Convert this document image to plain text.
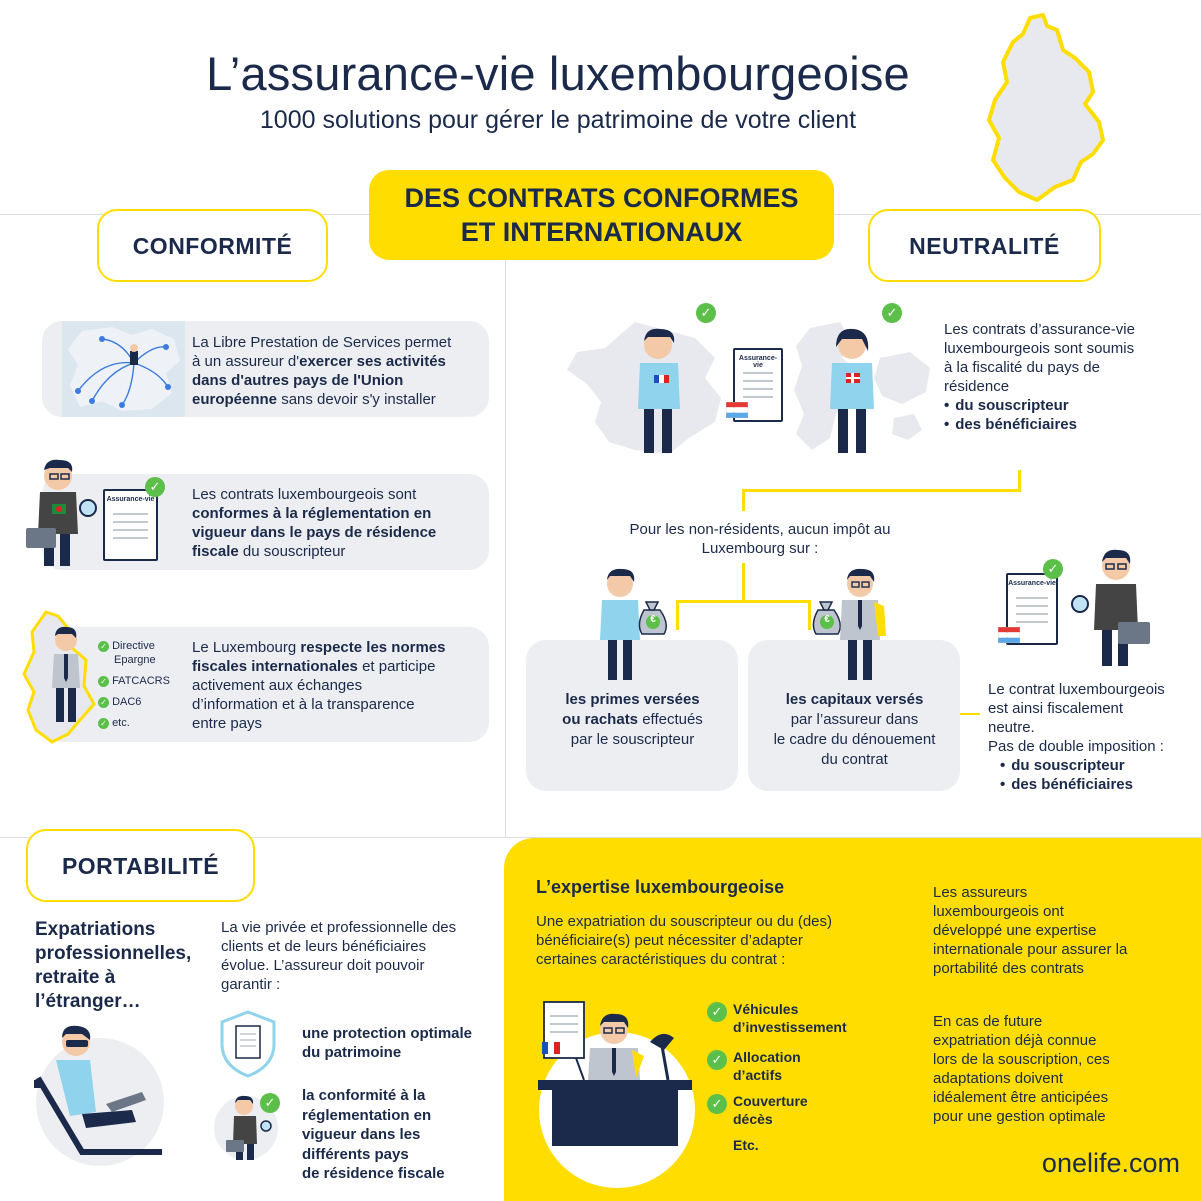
L’assurance-vie luxembourgeoise
1000 solutions pour gérer le patrimoine de votre client
DES CONTRATS CONFORMES
ET INTERNATIONAUX
CONFORMITÉ
La Libre Prestation de Services permet
à un assureur d'exercer ses activités
dans d'autres pays de l'Union
européenne sans devoir s'y installer
Assurance-vie
✓	Les contrats luxembourgeois sont
conformes à la réglementation en
vigueur dans le pays de résidence
fiscale du souscripteur
✓ Directive
Epargne
✓ FATCACRS
✓ DAC6
✓ etc.
Le Luxembourg respecte les normes
fiscales internationales et participe
activement aux échanges
d’information et à la transparence
entre pays
NEUTRALITÉ
✓	✓
Assurance-vie
Les contrats d’assurance-vie
luxembourgeois sont soumis
à la fiscalité du pays de
résidence
• du souscripteur
• des bénéficiaires
Pour les non-résidents, aucun impôt au
Luxembourg sur :
€
les primes versées
ou rachats effectués
par le souscripteur
€
les capitaux versés
par l’assureur dans
le cadre du dénouement
du contrat
Assurance-vie
✓
Le contrat luxembourgeois
est ainsi fiscalement
neutre.
Pas de double imposition :
• du souscripteur
• des bénéficiaires
PORTABILITÉ
Expatriations
professionnelles,
retraite à
l’étranger…
La vie privée et professionnelle des
clients et de leurs bénéficiaires
évolue. L’assureur doit pouvoir
garantir :
une protection optimale
du patrimoine
✓	la conformité à la
réglementation en
vigueur dans les
différents pays
de résidence fiscale
L’expertise luxembourgeoise
Une expatriation du souscripteur ou du (des)
bénéficiaire(s) peut nécessiter d’adapter
certaines caractéristiques du contrat :
✓ Véhicules
d’investissement
✓ Allocation
d’actifs
✓ Couverture
décès
Etc.
Les assureurs
luxembourgeois ont
développé une expertise
internationale pour assurer la
portabilité des contrats
En cas de future
expatriation déjà connue
lors de la souscription, ces
adaptations doivent
idéalement être anticipées
pour une gestion optimale
onelife.com
